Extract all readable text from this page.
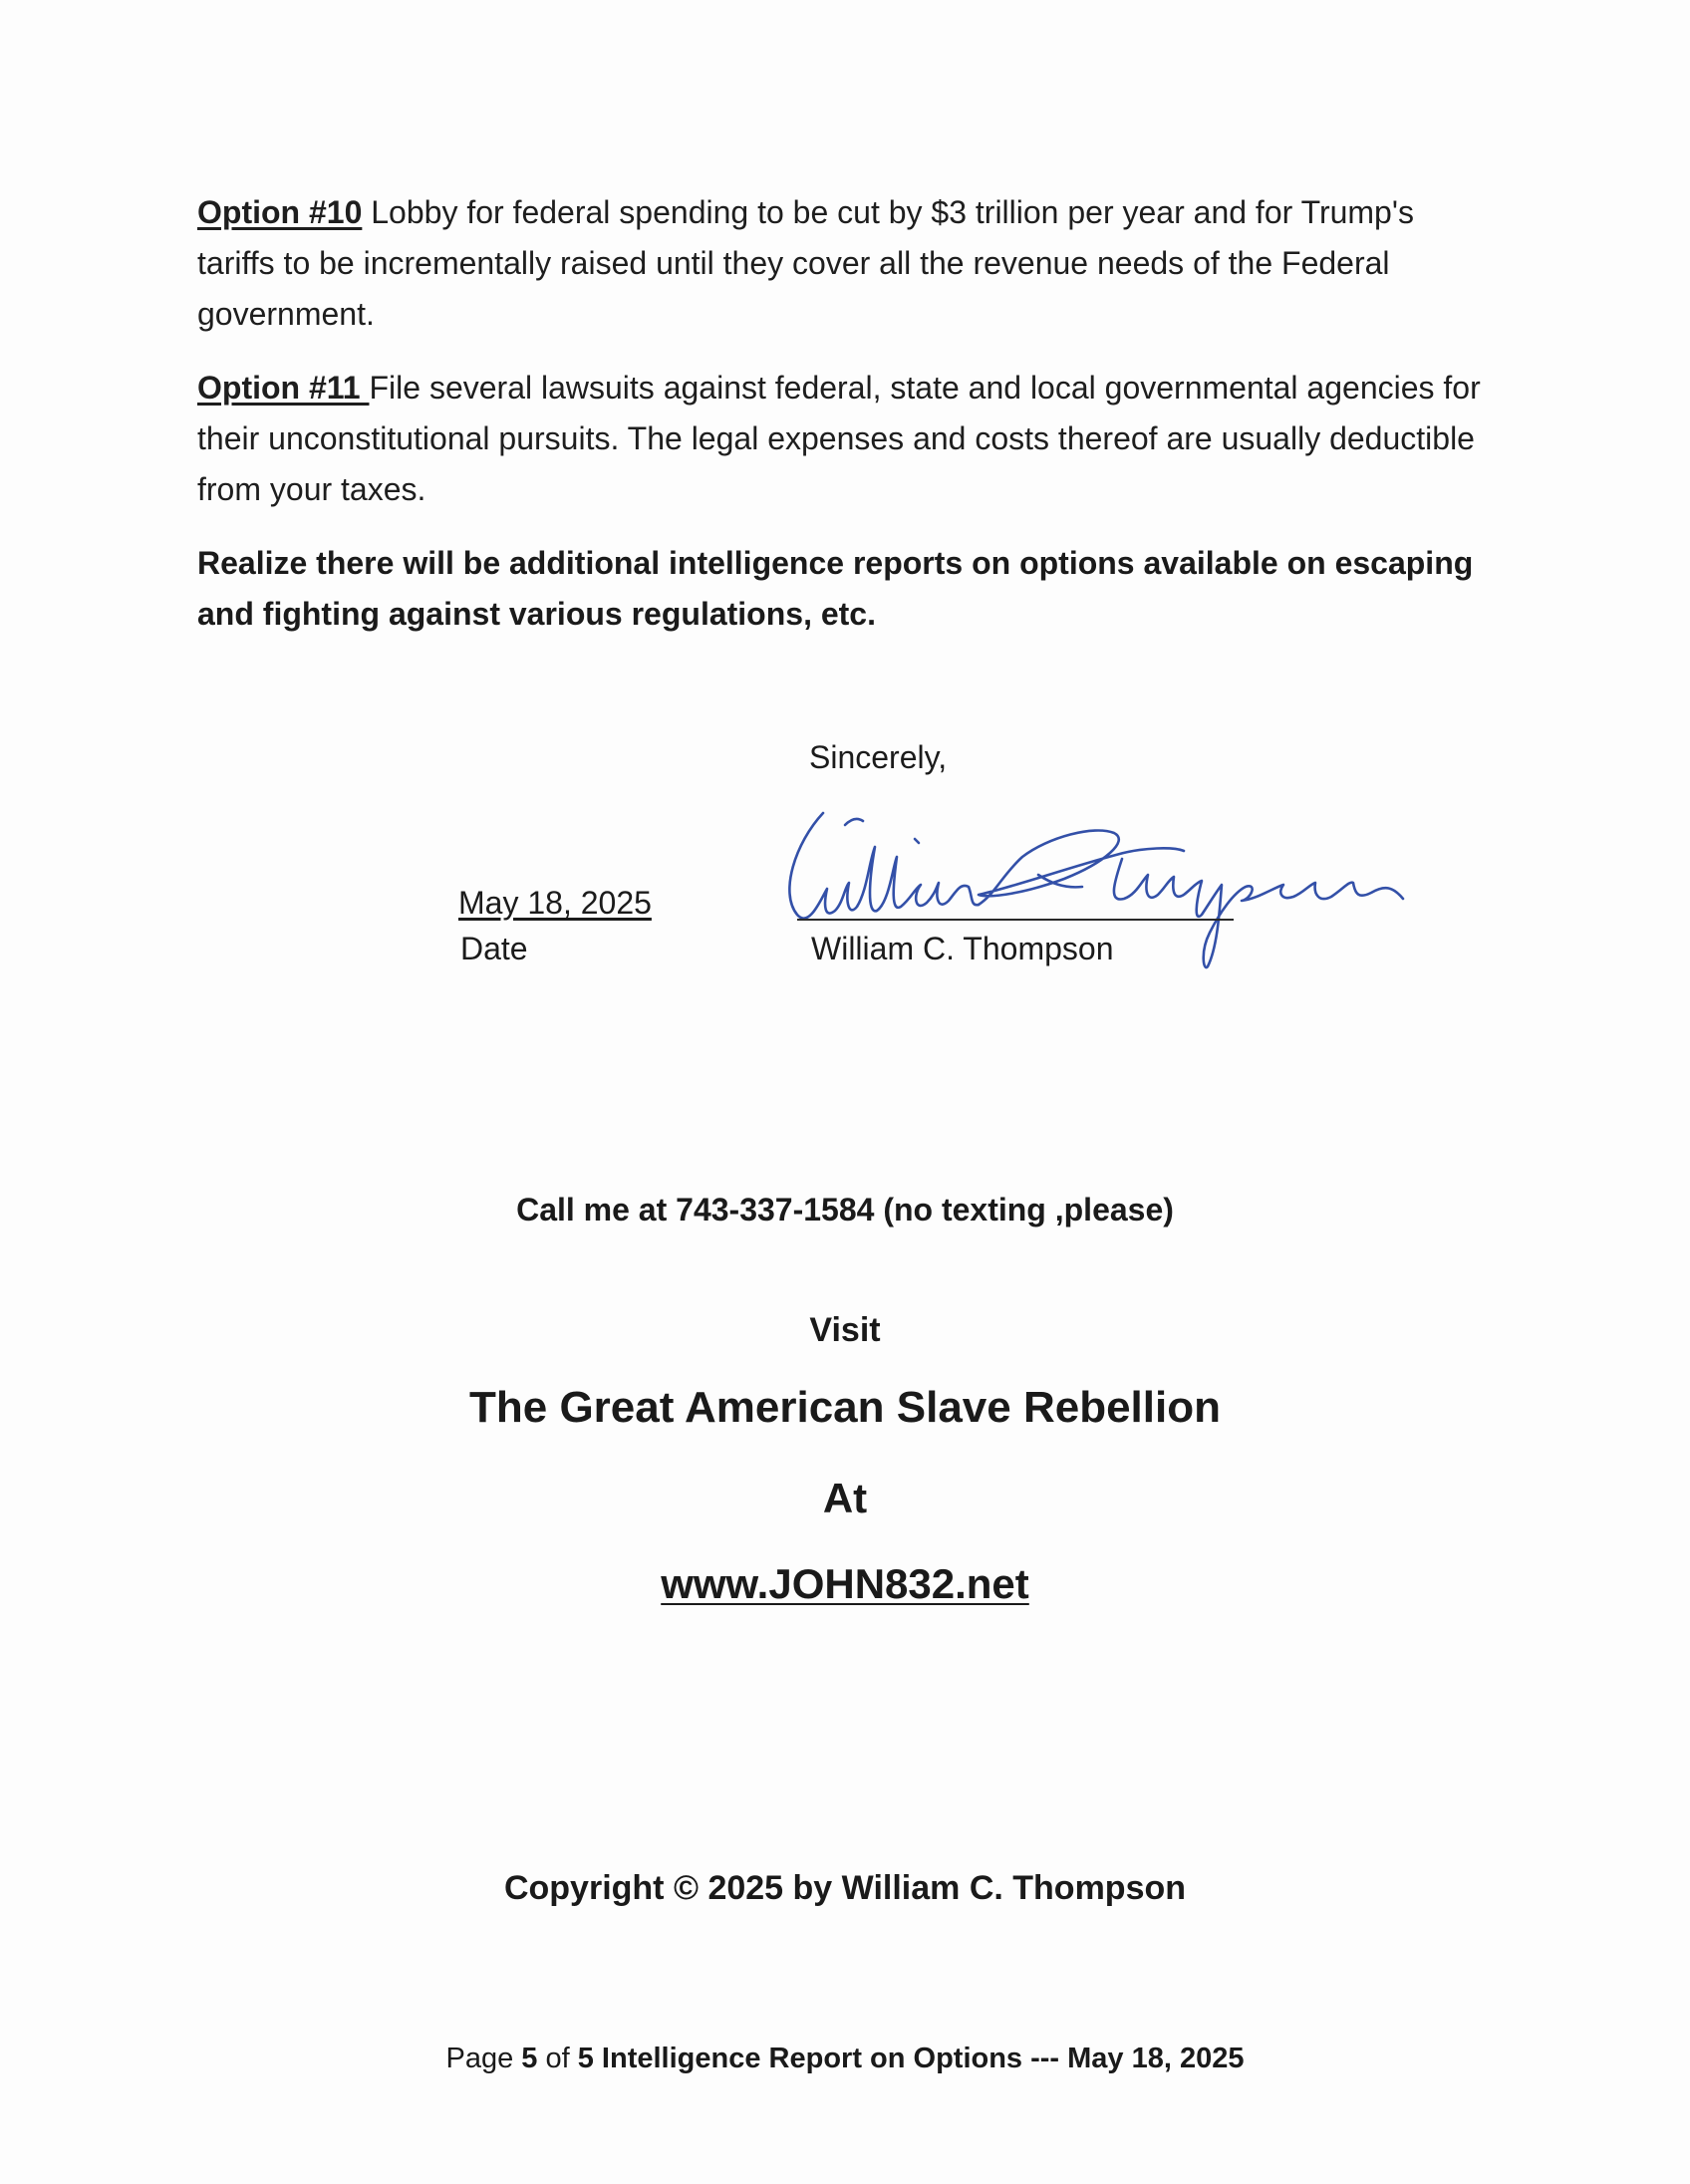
Option #10 Lobby for federal spending to be cut by $3 trillion per year and for Trump's tariffs to be incrementally raised until they cover all the revenue needs of the Federal government.
Option #11 File several lawsuits against federal, state and local governmental agencies for their unconstitutional pursuits. The legal expenses and costs thereof are usually deductible from your taxes.
Realize there will be additional intelligence reports on options available on escaping and fighting against various regulations, etc.
Sincerely,
May 18, 2025
Date	William C. Thompson
Call me at 743-337-1584 (no texting ,please)
Visit
The Great American Slave Rebellion
At
www.JOHN832.net
Copyright © 2025 by William C. Thompson
Page 5 of 5 Intelligence Report on Options --- May 18, 2025
